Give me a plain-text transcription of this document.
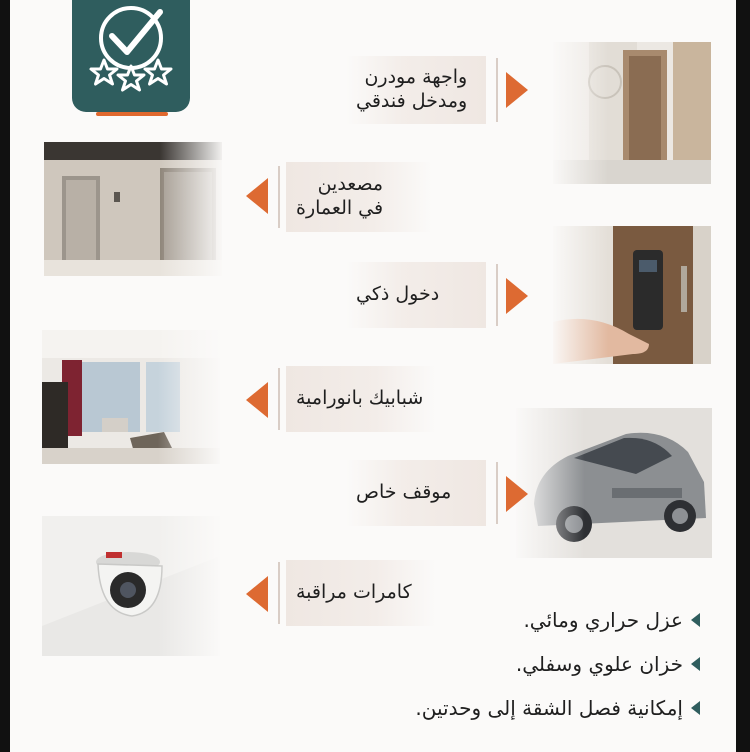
واجهة مودرن
ومدخل فندقي
مصعدين
في العمارة
دخول ذكي
شبابيك بانورامية
موقف خاص
كامرات مراقبة
عزل حراري ومائي.
خزان علوي وسفلي.
إمكانية فصل الشقة إلى وحدتين.
